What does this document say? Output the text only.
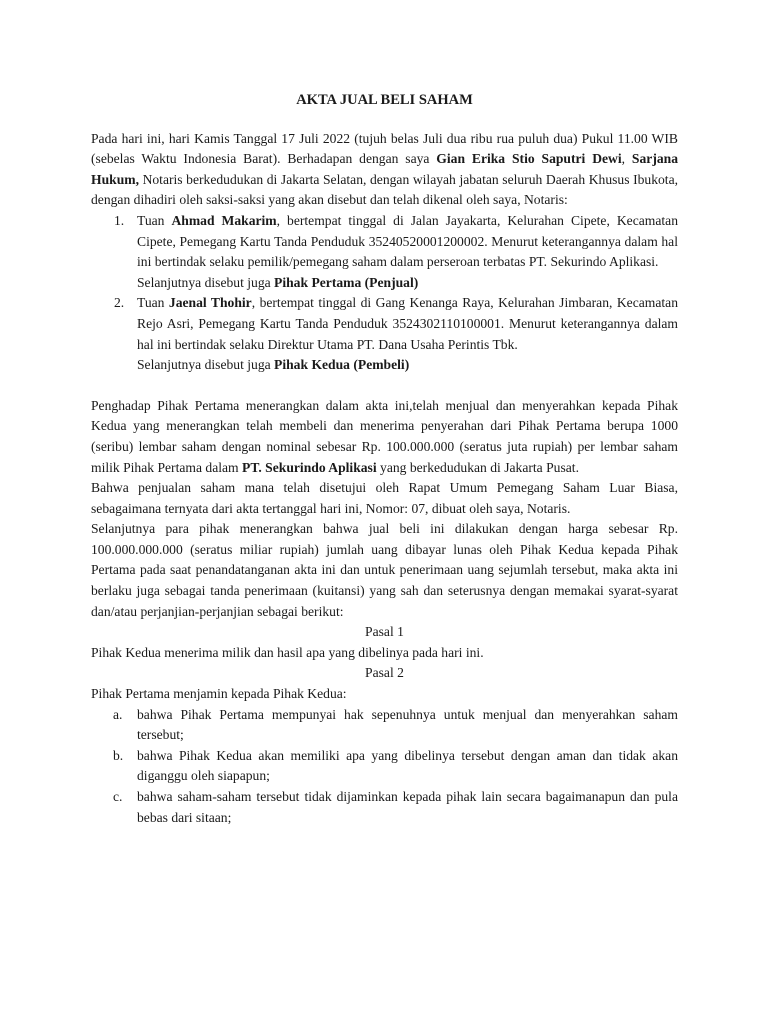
AKTA JUAL BELI SAHAM

Pada hari ini, hari Kamis Tanggal 17 Juli 2022 (tujuh belas Juli dua ribu rua puluh dua) Pukul 11.00 WIB (sebelas Waktu Indonesia Barat). Berhadapan dengan saya Gian Erika Stio Saputri Dewi, Sarjana Hukum, Notaris berkedudukan di Jakarta Selatan, dengan wilayah jabatan seluruh Daerah Khusus Ibukota, dengan dihadiri oleh saksi-saksi yang akan disebut dan telah dikenal oleh saya, Notaris:

1. Tuan Ahmad Makarim, bertempat tinggal di Jalan Jayakarta, Kelurahan Cipete, Kecamatan Cipete, Pemegang Kartu Tanda Penduduk 35240520001200002. Menurut keterangannya dalam hal ini bertindak selaku pemilik/pemegang saham dalam perseroan terbatas PT. Sekurindo Aplikasi.

Selanjutnya disebut juga Pihak Pertama (Penjual)
2. Tuan Jaenal Thohir, bertempat tinggal di Gang Kenanga Raya, Kelurahan Jimbaran, Kecamatan Rejo Asri, Pemegang Kartu Tanda Penduduk 3524302110100001. Menurut keterangannya dalam hal ini bertindak selaku Direktur Utama PT. Dana Usaha Perintis Tbk.

Selanjutnya disebut juga Pihak Kedua (Pembeli)

Penghadap Pihak Pertama menerangkan dalam akta ini,telah menjual dan menyerahkan kepada Pihak Kedua yang menerangkan telah membeli dan menerima penyerahan dari Pihak Pertama berupa 1000 (seribu) lembar saham dengan nominal sebesar Rp. 100.000.000 (seratus juta rupiah) per lembar saham milik Pihak Pertama dalam PT. Sekurindo Aplikasi yang berkedudukan di Jakarta Pusat.

Bahwa penjualan saham mana telah disetujui oleh Rapat Umum Pemegang Saham Luar Biasa, sebagaimana ternyata dari akta tertanggal hari ini, Nomor: 07, dibuat oleh saya, Notaris.

Selanjutnya para pihak menerangkan bahwa jual beli ini dilakukan dengan harga sebesar Rp. 100.000.000.000 (seratus miliar rupiah) jumlah uang dibayar lunas oleh Pihak Kedua kepada Pihak Pertama pada saat penandatanganan akta ini dan untuk penerimaan uang sejumlah tersebut, maka akta ini berlaku juga sebagai tanda penerimaan (kuitansi) yang sah dan seterusnya dengan memakai syarat-syarat dan/atau perjanjian-perjanjian sebagai berikut:

Pasal 1

Pihak Kedua menerima milik dan hasil apa yang dibelinya pada hari ini.

Pasal 2

Pihak Pertama menjamin kepada Pihak Kedua:

a. bahwa Pihak Pertama mempunyai hak sepenuhnya untuk menjual dan menyerahkan saham tersebut;

b. bahwa Pihak Kedua akan memiliki apa yang dibelinya tersebut dengan aman dan tidak akan diganggu oleh siapapun;

c. bahwa saham-saham tersebut tidak dijaminkan kepada pihak lain secara bagaimanapun dan pula bebas dari sitaan;
